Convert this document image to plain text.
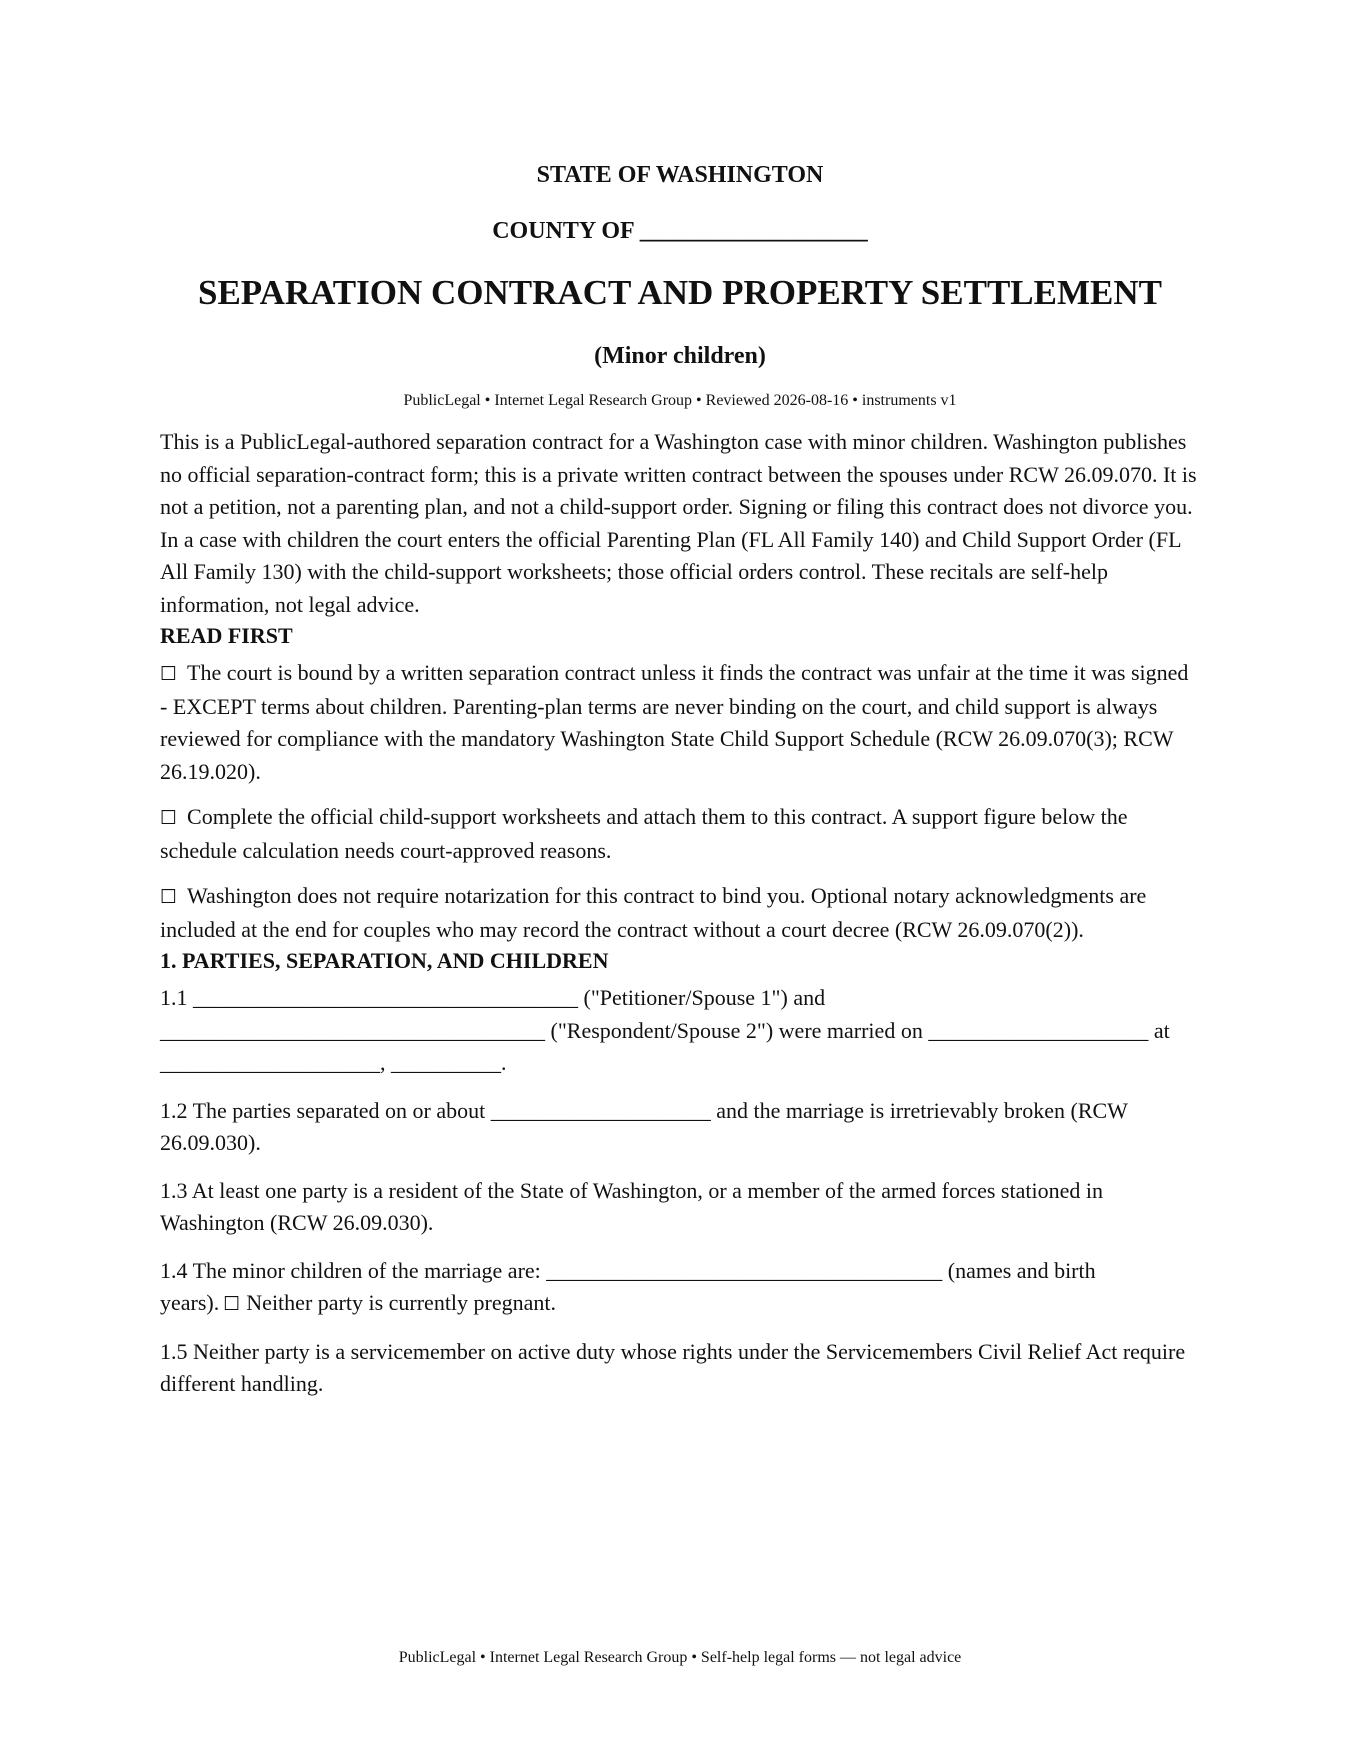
STATE OF WASHINGTON
COUNTY OF ___________________
SEPARATION CONTRACT AND PROPERTY SETTLEMENT
(Minor children)
PublicLegal • Internet Legal Research Group • Reviewed 2026-08-16 • instruments v1

This is a PublicLegal-authored separation contract for a Washington case with minor children. Washington publishes no official separation-contract form; this is a private written contract between the spouses under RCW 26.09.070. It is not a petition, not a parenting plan, and not a child-support order. Signing or filing this contract does not divorce you. In a case with children the court enters the official Parenting Plan (FL All Family 140) and Child Support Order (FL All Family 130) with the child-support worksheets; those official orders control. These recitals are self-help information, not legal advice.

READ FIRST

☐ The court is bound by a written separation contract unless it finds the contract was unfair at the time it was signed - EXCEPT terms about children. Parenting-plan terms are never binding on the court, and child support is always reviewed for compliance with the mandatory Washington State Child Support Schedule (RCW 26.09.070(3); RCW 26.19.020).

☐ Complete the official child-support worksheets and attach them to this contract. A support figure below the schedule calculation needs court-approved reasons.

☐ Washington does not require notarization for this contract to bind you. Optional notary acknowledgments are included at the end for couples who may record the contract without a court decree (RCW 26.09.070(2)).

1. PARTIES, SEPARATION, AND CHILDREN

1.1 ___________________________________ ("Petitioner/Spouse 1") and ___________________________________ ("Respondent/Spouse 2") were married on ____________________ at ____________________, __________.

1.2 The parties separated on or about ____________________ and the marriage is irretrievably broken (RCW 26.09.030).

1.3 At least one party is a resident of the State of Washington, or a member of the armed forces stationed in Washington (RCW 26.09.030).

1.4 The minor children of the marriage are: ____________________________________ (names and birth years). ☐ Neither party is currently pregnant.

1.5 Neither party is a servicemember on active duty whose rights under the Servicemembers Civil Relief Act require different handling.

PublicLegal • Internet Legal Research Group • Self-help legal forms — not legal advice
